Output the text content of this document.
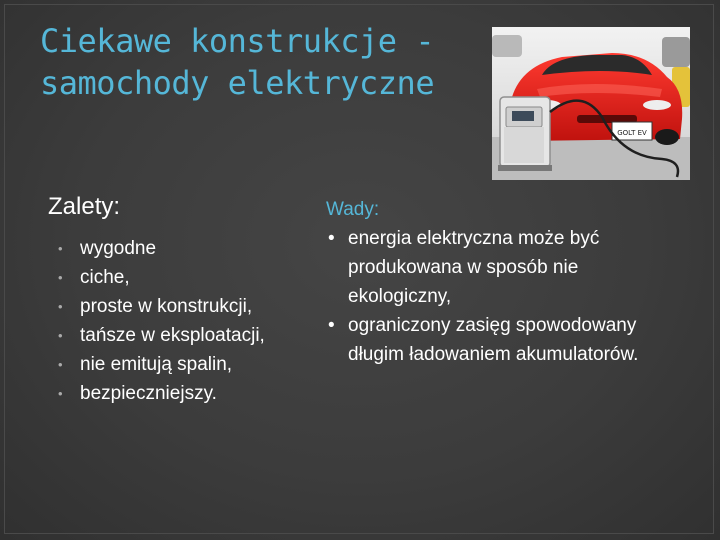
Ciekawe konstrukcje -
samochody elektryczne
GOLT EV
Zalety:
• wygodne
• ciche,
• proste w konstrukcji,
• tańsze w eksploatacji,
• nie emitują spalin,
• bezpieczniejszy.
Wady:
• energia elektryczna może być produkowana w sposób nie ekologiczny,
• ograniczony zasięg spowodowany długim ładowaniem akumulatorów.
